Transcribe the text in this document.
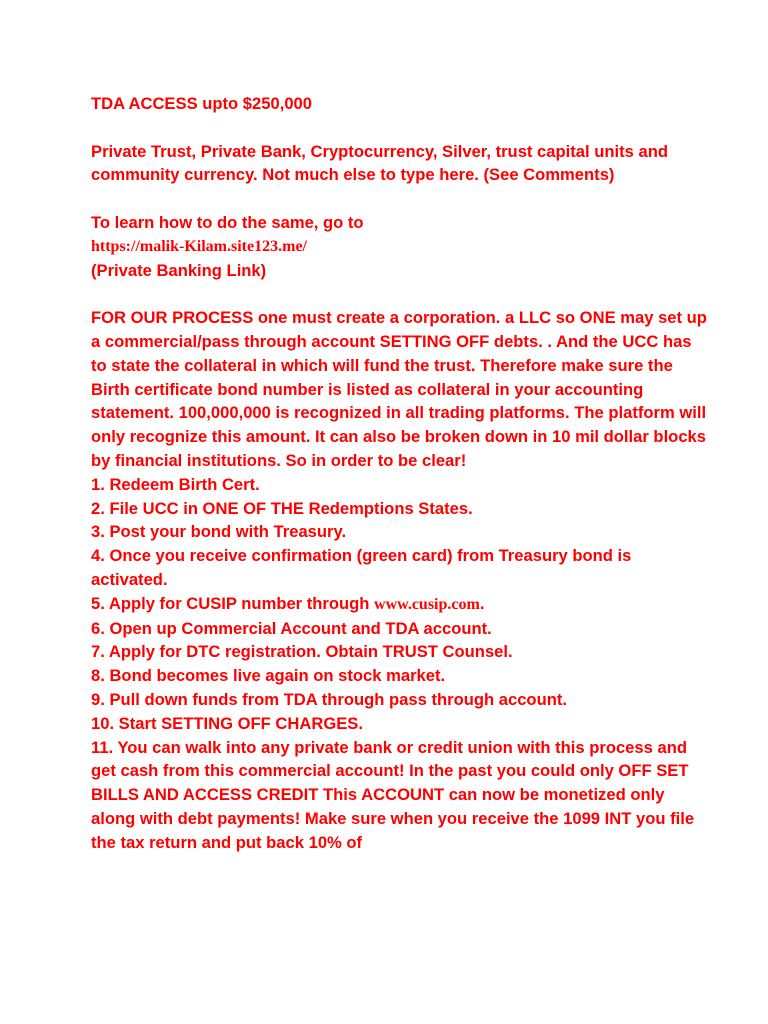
TDA ACCESS upto $250,000

Private Trust, Private Bank, Cryptocurrency, Silver, trust capital units and community currency. Not much else to type here. (See Comments)

To learn how to do the same, go to

https://malik-Kilam.site123.me/

(Private Banking Link)

FOR OUR PROCESS one must create a corporation. a LLC so ONE may set up a commercial/pass through account SETTING OFF debts. . And the UCC has to state the collateral in which will fund the trust. Therefore make sure the Birth certificate bond number is listed as collateral in your accounting statement. 100,000,000 is recognized in all trading platforms. The platform will only recognize this amount. It can also be broken down in 10 mil dollar blocks by financial institutions. So in order to be clear!

1. Redeem Birth Cert.

2. File UCC in ONE OF THE Redemptions States.

3. Post your bond with Treasury.

4. Once you receive confirmation (green card) from Treasury bond is activated.

5. Apply for CUSIP number through www.cusip.com.

6. Open up Commercial Account and TDA account.

7. Apply for DTC registration. Obtain TRUST Counsel.

8. Bond becomes live again on stock market.

9. Pull down funds from TDA through pass through account.

10. Start SETTING OFF CHARGES.

11. You can walk into any private bank or credit union with this process and get cash from this commercial account! In the past you could only OFF SET BILLS AND ACCESS CREDIT This ACCOUNT can now be monetized only along with debt payments! Make sure when you receive the 1099 INT you file the tax return and put back 10% of
